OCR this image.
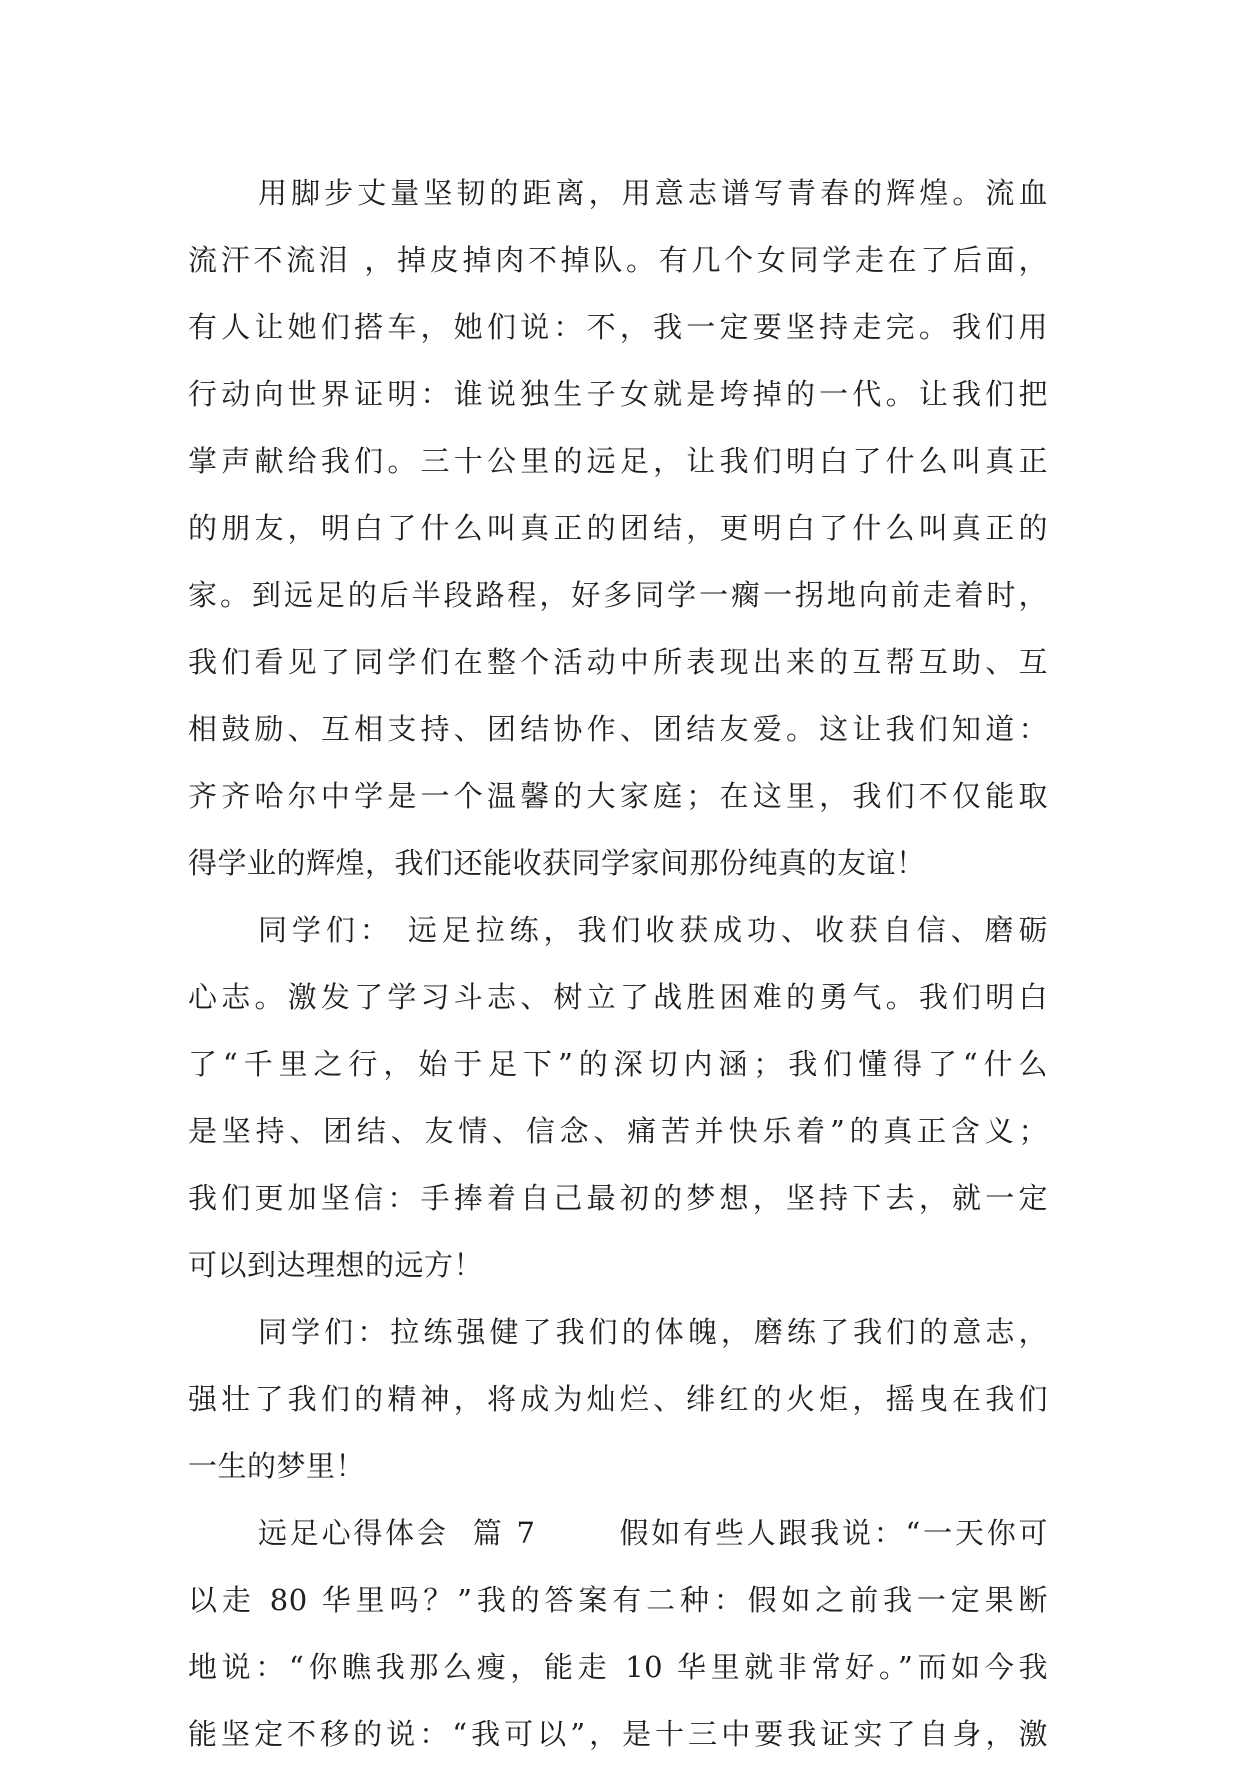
用脚步丈量坚韧的距离，用意志谱写青春的辉煌。流血
流汗不流泪 ，掉皮掉肉不掉队。有几个女同学走在了后面，
有人让她们搭车，她们说：不，我一定要坚持走完。我们用
行动向世界证明：谁说独生子女就是垮掉的一代。让我们把
掌声献给我们。三十公里的远足，让我们明白了什么叫真正
的朋友，明白了什么叫真正的团结，更明白了什么叫真正的
家。到远足的后半段路程，好多同学一瘸一拐地向前走着时，
我们看见了同学们在整个活动中所表现出来的互帮互助、互
相鼓励、互相支持、团结协作、团结友爱。这让我们知道：
齐齐哈尔中学是一个温馨的大家庭；在这里，我们不仅能取
得学业的辉煌，我们还能收获同学家间那份纯真的友谊！
同学们： 远足拉练，我们收获成功、收获自信、磨砺
心志。激发了学习斗志、树立了战胜困难的勇气。我们明白
了“千里之行，始于足下”的深切内涵；我们懂得了“什么
是坚持、团结、友情、信念、痛苦并快乐着”的真正含义；
我们更加坚信：手捧着自己最初的梦想，坚持下去，就一定
可以到达理想的远方！
同学们：拉练强健了我们的体魄，磨练了我们的意志，
强壮了我们的精神，将成为灿烂、绯红的火炬，摇曳在我们
一生的梦里！
远足心得体会  篇 7       假如有些人跟我说：“一天你可
以走 80 华里吗？”我的答案有二种：假如之前我一定果断
地说：“你瞧我那么瘦，能走 10 华里就非常好。”而如今我
能坚定不移的说：“我可以”，是十三中要我证实了自身，激
